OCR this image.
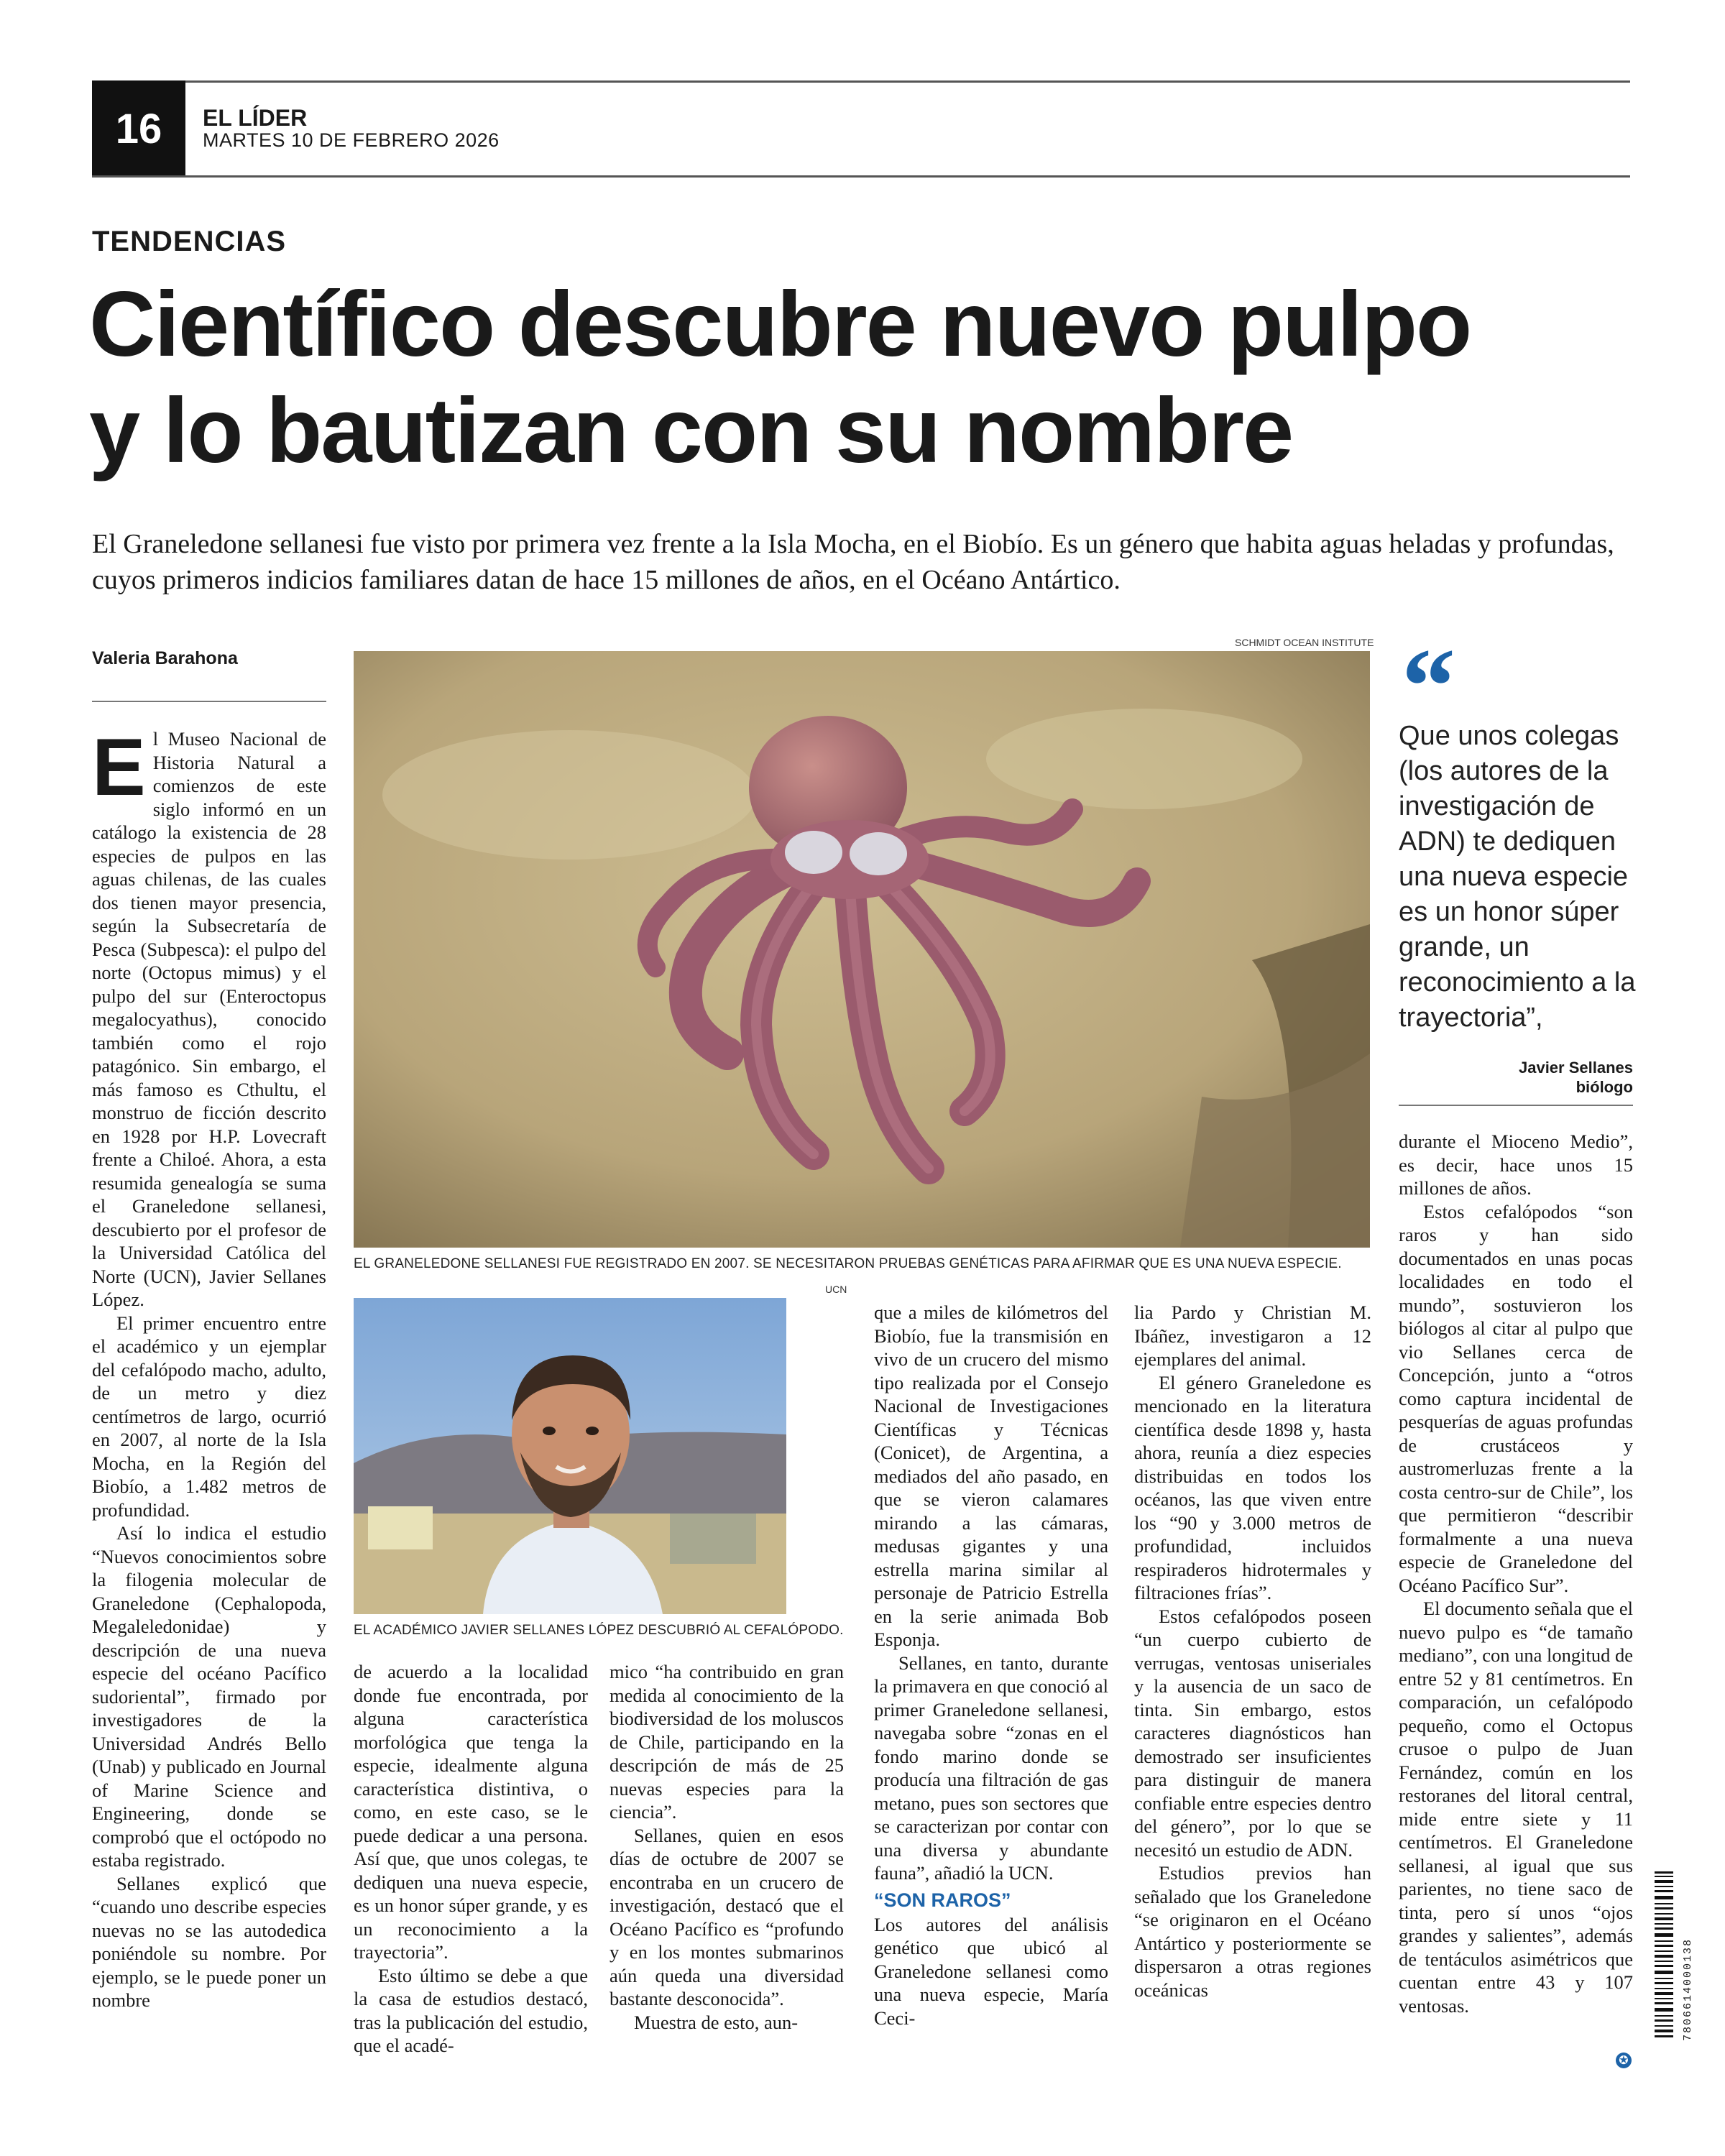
16	EL LÍDER
MARTES 10 DE FEBRERO 2026
TENDENCIAS
Científico descubre nuevo pulpo
y lo bautizan con su nombre

El Graneledone sellanesi fue visto por primera vez frente a la Isla Mocha, en el Biobío. Es un género que habita aguas heladas y profundas, cuyos primeros indicios familiares datan de hace 15 millones de años, en el Océano Antártico.

Valeria Barahona
SCHMIDT OCEAN INSTITUTE
EL GRANELEDONE SELLANESI FUE REGISTRADO EN 2007. SE NECESITARON PRUEBAS GENÉTICAS PARA AFIRMAR QUE ES UNA NUEVA ESPECIE.
UCN
EL ACADÉMICO JAVIER SELLANES LÓPEZ DESCUBRIÓ AL CEFALÓPODO.
“

Que unos colegas (los autores de la investigación de ADN) te dediquen una nueva especie es un honor súper grande, un reconocimiento a la trayectoria”,

Javier Sellanes
biólogo

El Museo Nacional de Historia Natural a comienzos de este siglo informó en un catálogo la existencia de 28 especies de pulpos en las aguas chilenas, de las cuales dos tienen mayor presencia, según la Subsecretaría de Pesca (Subpesca): el pulpo del norte (Octopus mimus) y el pulpo del sur (Enteroctopus megalocyathus), conocido también como el rojo patagónico. Sin embargo, el más famoso es Cthultu, el monstruo de ficción descrito en 1928 por H.P. Lovecraft frente a Chiloé. Ahora, a esta resumida genealogía se suma el Graneledone sellanesi, descubierto por el profesor de la Universidad Católica del Norte (UCN), Javier Sellanes López.

El primer encuentro entre el académico y un ejemplar del cefalópodo macho, adulto, de un metro y diez centímetros de largo, ocurrió en 2007, al norte de la Isla Mocha, en la Región del Biobío, a 1.482 metros de profundidad.

Así lo indica el estudio “Nuevos conocimientos sobre la filogenia molecular de Graneledone (Cephalopoda, Megaleledonidae) y descripción de una nueva especie del océano Pacífico sudoriental”, firmado por investigadores de la Universidad Andrés Bello (Unab) y publicado en Journal of Marine Science and Engineering, donde se comprobó que el octópodo no estaba registrado.

Sellanes explicó que “cuando uno describe especies nuevas no se las autodedica poniéndole su nombre. Por ejemplo, se le puede poner un nombre

de acuerdo a la localidad donde fue encontrada, por alguna característica morfológica que tenga la especie, idealmente alguna característica distintiva, o como, en este caso, se le puede dedicar a una persona. Así que, que unos colegas, te dediquen una nueva especie, es un honor súper grande, y es un reconocimiento a la trayectoria”.

Esto último se debe a que la casa de estudios destacó, tras la publicación del estudio, que el acadé-

mico “ha contribuido en gran medida al conocimiento de la biodiversidad de los moluscos de Chile, participando en la descripción de más de 25 nuevas especies para la ciencia”.

Sellanes, quien en esos días de octubre de 2007 se encontraba en un crucero de investigación, destacó que el Océano Pacífico es “profundo y en los montes submarinos aún queda una diversidad bastante desconocida”.

Muestra de esto, aun-

que a miles de kilómetros del Biobío, fue la transmisión en vivo de un crucero del mismo tipo realizada por el Consejo Nacional de Investigaciones Científicas y Técnicas (Conicet), de Argentina, a mediados del año pasado, en que se vieron calamares mirando a las cámaras, medusas gigantes y una estrella marina similar al personaje de Patricio Estrella en la serie animada Bob Esponja.

Sellanes, en tanto, durante la primavera en que conoció al primer Graneledone sellanesi, navegaba sobre “zonas en el fondo marino donde se producía una filtración de gas metano, pues son sectores que se caracterizan por contar con una diversa y abundante fauna”, añadió la UCN.

“SON RAROS”

Los autores del análisis genético que ubicó al Graneledone sellanesi como una nueva especie, María Ceci-

lia Pardo y Christian M. Ibáñez, investigaron a 12 ejemplares del animal.

El género Graneledone es mencionado en la literatura científica desde 1898 y, hasta ahora, reunía a diez especies distribuidas en todos los océanos, las que viven entre los “90 y 3.000 metros de profundidad, incluidos respiraderos hidrotermales y filtraciones frías”.

Estos cefalópodos poseen “un cuerpo cubierto de verrugas, ventosas uniseriales y la ausencia de un saco de tinta. Sin embargo, estos caracteres diagnósticos han demostrado ser insuficientes para distinguir de manera confiable entre especies dentro del género”, por lo que se necesitó un estudio de ADN.

Estudios previos han señalado que los Graneledone “se originaron en el Océano Antártico y posteriormente se dispersaron a otras regiones oceánicas

durante el Mioceno Medio”, es decir, hace unos 15 millones de años.

Estos cefalópodos “son raros y han sido documentados en unas pocas localidades en todo el mundo”, sostuvieron los biólogos al citar al pulpo que vio Sellanes cerca de Concepción, junto a “otros como captura incidental de pesquerías de aguas profundas de crustáceos y austromerluzas frente a la costa centro-sur de Chile”, los que permitieron “describir formalmente a una nueva especie de Graneledone del Océano Pacífico Sur”.

El documento señala que el nuevo pulpo es “de tamaño mediano”, con una longitud de entre 52 y 81 centímetros. En comparación, un cefalópodo pequeño, como el Octopus crusoe o pulpo de Juan Fernández, común en los restoranes del litoral central, mide entre siete y 11 centímetros. El Graneledone sellanesi, al igual que sus parientes, no tiene saco de tinta, pero sí unos “ojos grandes y salientes”, además de tentáculos asimétricos que cuentan entre 43 y 107 ventosas.	7806614000138
✪
